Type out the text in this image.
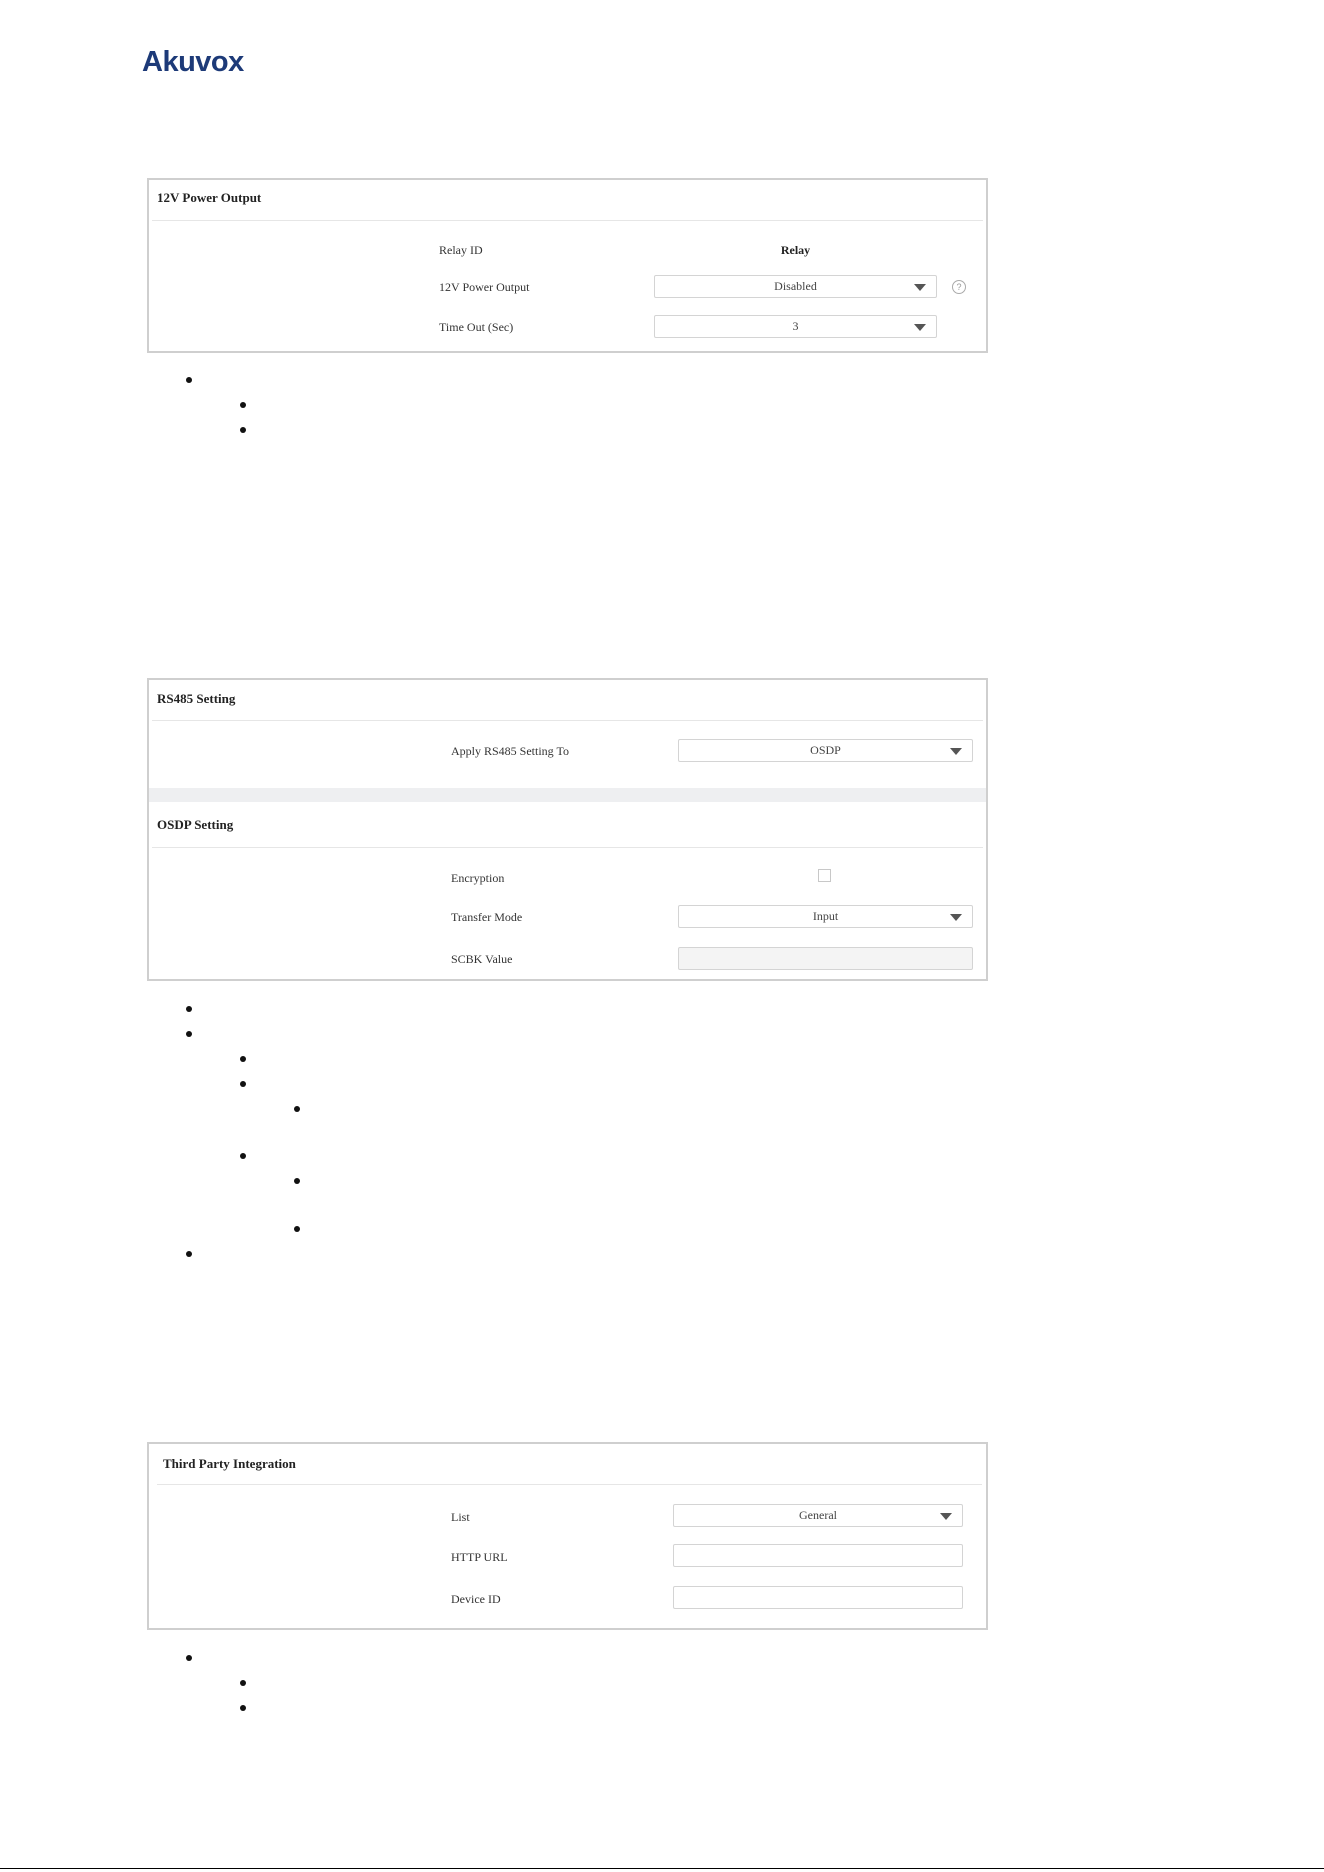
Akuvox
12V Power Output
Relay ID	Relay
12V Power Output	Disabled	?
Time Out (Sec)	3
RS485 Setting
Apply RS485 Setting To	OSDP
OSDP Setting
Encryption
Transfer Mode	Input
SCBK Value
Third Party Integration
List	General
HTTP URL
Device ID
